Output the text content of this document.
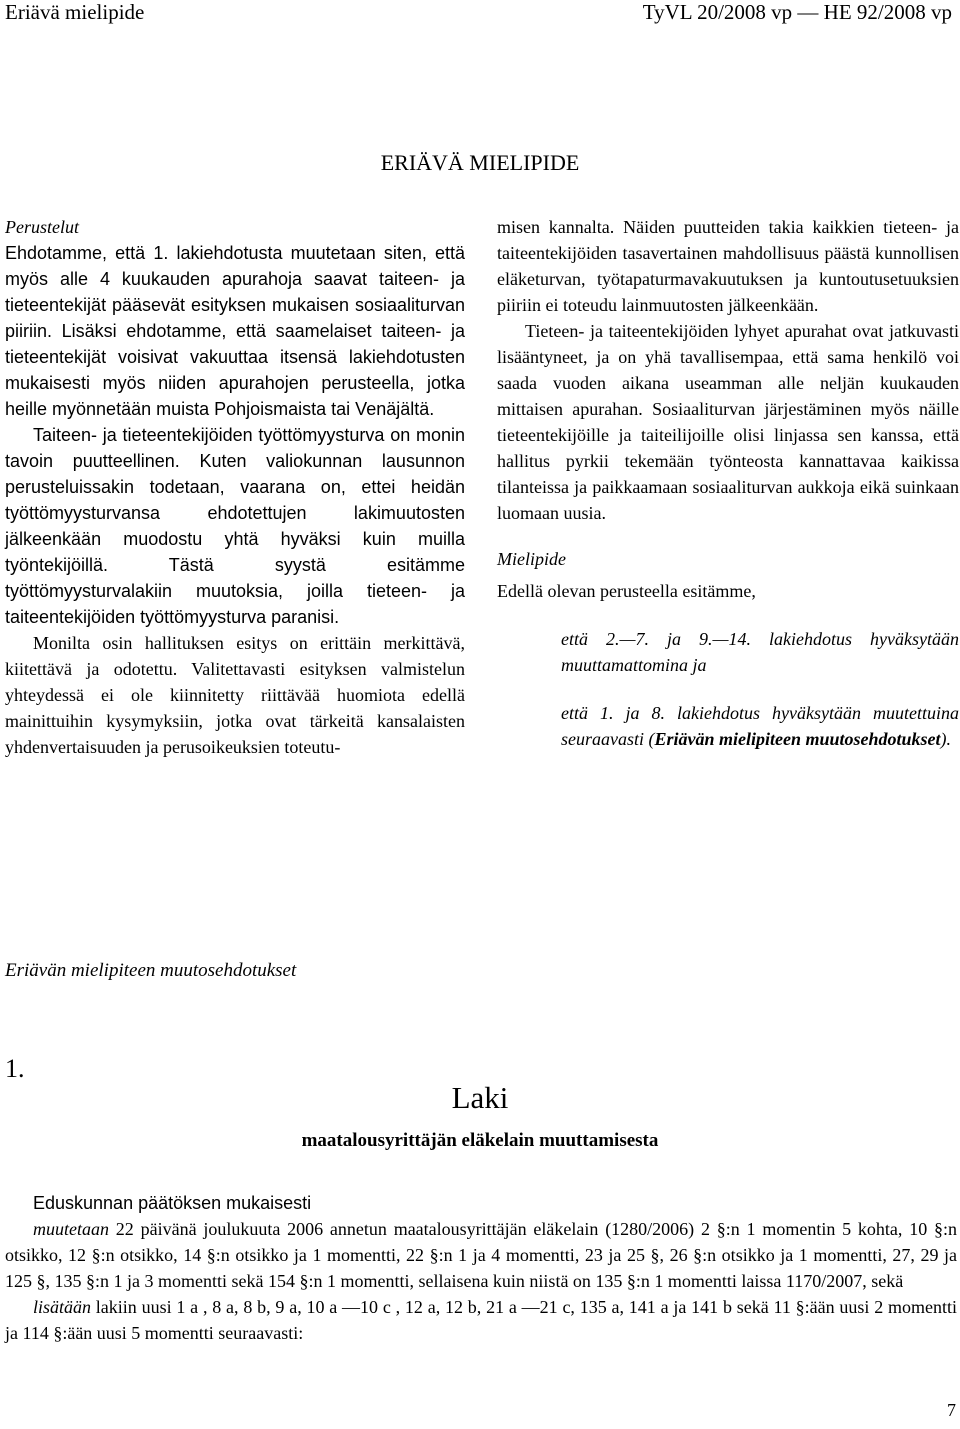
Eriävä mielipide	TyVL 20/2008 vp — HE 92/2008 vp
ERIÄVÄ MIELIPIDE

Perustelut

Ehdotamme, että 1. lakiehdotusta muutetaan siten, että myös alle 4 kuukauden apurahoja saavat taiteen- ja tieteentekijät pääsevät esityksen mukaisen sosiaaliturvan piiriin. Lisäksi ehdotamme, että saamelaiset taiteen- ja tieteentekijät voisivat vakuuttaa itsensä lakiehdotusten mukaisesti myös niiden apurahojen perusteella, jotka heille myönnetään muista Pohjoismaista tai Venäjältä.

Taiteen- ja tieteentekijöiden työttömyysturva on monin tavoin puutteellinen. Kuten valiokunnan lausunnon perusteluissakin todetaan, vaarana on, ettei heidän työttömyysturvansa ehdotettujen lakimuutosten jälkeenkään muodostu yhtä hyväksi kuin muilla työntekijöillä. Tästä syystä esitämme työttömyysturvalakiin muutoksia, joilla tieteen- ja taiteentekijöiden työttömyysturva paranisi.

Monilta osin hallituksen esitys on erittäin merkittävä, kiitettävä ja odotettu. Valitettavasti esityksen valmistelun yhteydessä ei ole kiinnitetty riittävää huomiota edellä mainittuihin kysymyksiin, jotka ovat tärkeitä kansalaisten yhdenvertaisuuden ja perusoikeuksien toteutu-

misen kannalta. Näiden puutteiden takia kaikkien tieteen- ja taiteentekijöiden tasavertainen mahdollisuus päästä kunnollisen eläketurvan, työtapaturmavakuutuksen ja kuntoutusetuuksien piiriin ei toteudu lainmuutosten jälkeenkään.

Tieteen- ja taiteentekijöiden lyhyet apurahat ovat jatkuvasti lisääntyneet, ja on yhä tavallisempaa, että sama henkilö voi saada vuoden aikana useamman alle neljän kuukauden mittaisen apurahan. Sosiaaliturvan järjestäminen myös näille tieteentekijöille ja taiteilijoille olisi linjassa sen kanssa, että hallitus pyrkii tekemään työnteosta kannattavaa kaikissa tilanteissa ja paikkaamaan sosiaaliturvan aukkoja eikä suinkaan luomaan uusia.

Mielipide

Edellä olevan perusteella esitämme,

että 2.—7. ja 9.—14. lakiehdotus hyväksytään muuttamattomina ja

että 1. ja 8. lakiehdotus hyväksytään muutettuina seuraavasti (Eriävän mielipiteen muutosehdotukset).

Eriävän mielipiteen muutosehdotukset
1.
Laki
maatalousyrittäjän eläkelain muuttamisesta

Eduskunnan päätöksen mukaisesti

muutetaan 22 päivänä joulukuuta 2006 annetun maatalousyrittäjän eläkelain (1280/2006) 2 §:n 1 momentin 5 kohta, 10 §:n otsikko, 12 §:n otsikko, 14 §:n otsikko ja 1 momentti, 22 §:n 1 ja 4 momentti, 23 ja 25 §, 26 §:n otsikko ja 1 momentti, 27, 29 ja 125 §, 135 §:n 1 ja 3 momentti sekä 154 §:n 1 momentti, sellaisena kuin niistä on 135 §:n 1 momentti laissa 1170/2007, sekä

lisätään lakiin uusi 1 a , 8 a, 8 b, 9 a, 10 a —10 c , 12 a, 12 b, 21 a —21 c, 135 a, 141 a ja 141 b sekä 11 §:ään uusi 2 momentti ja 114 §:ään uusi 5 momentti seuraavasti:

7
